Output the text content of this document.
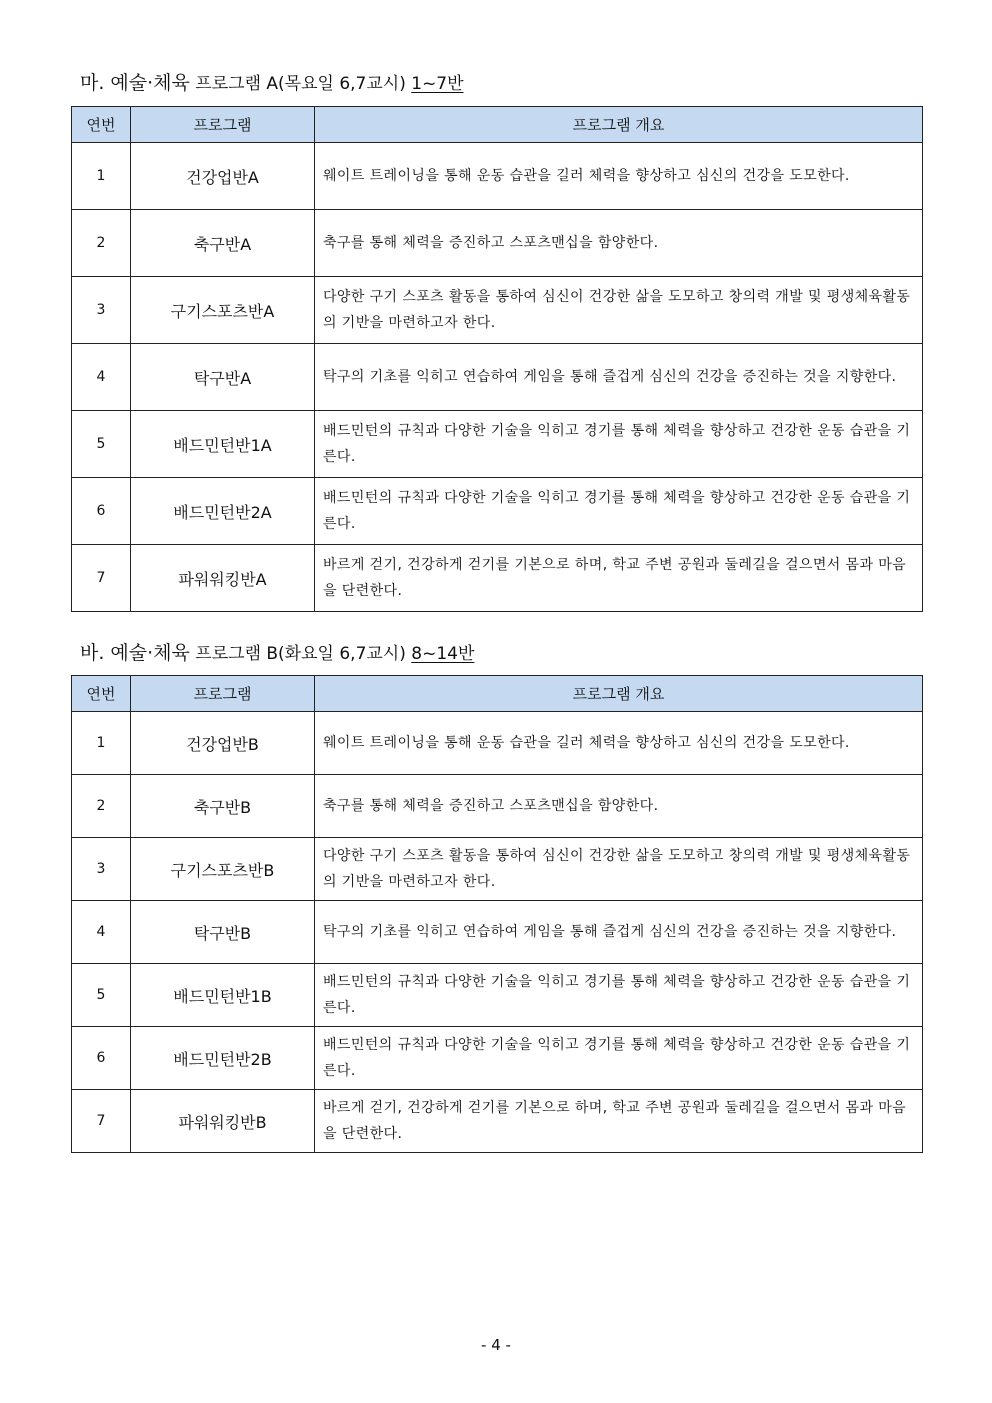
마. 예술·체육 프로그램 A(목요일 6,7교시) 1~7반
연번	프로그램	프로그램 개요
1	건강업반A	웨이트 트레이닝을 통해 운동 습관을 길러 체력을 향상하고 심신의 건강을 도모한다.
2	축구반A	축구를 통해 체력을 증진하고 스포츠맨십을 함양한다.
3	구기스포츠반A	다양한 구기 스포츠 활동을 통하여 심신이 건강한 삶을 도모하고 창의력 개발 및 평생체육활동의 기반을 마련하고자 한다.
4	탁구반A	탁구의 기초를 익히고 연습하여 게임을 통해 즐겁게 심신의 건강을 증진하는 것을 지향한다.
5	배드민턴반1A	배드민턴의 규칙과 다양한 기술을 익히고 경기를 통해 체력을 향상하고 건강한 운동 습관을 기른다.
6	배드민턴반2A	배드민턴의 규칙과 다양한 기술을 익히고 경기를 통해 체력을 향상하고 건강한 운동 습관을 기른다.
7	파워워킹반A	바르게 걷기, 건강하게 걷기를 기본으로 하며, 학교 주변 공원과 둘레길을 걸으면서 몸과 마음을 단련한다.
바. 예술·체육 프로그램 B(화요일 6,7교시) 8~14반
연번	프로그램	프로그램 개요
1	건강업반B	웨이트 트레이닝을 통해 운동 습관을 길러 체력을 향상하고 심신의 건강을 도모한다.
2	축구반B	축구를 통해 체력을 증진하고 스포츠맨십을 함양한다.
3	구기스포츠반B	다양한 구기 스포츠 활동을 통하여 심신이 건강한 삶을 도모하고 창의력 개발 및 평생체육활동의 기반을 마련하고자 한다.
4	탁구반B	탁구의 기초를 익히고 연습하여 게임을 통해 즐겁게 심신의 건강을 증진하는 것을 지향한다.
5	배드민턴반1B	배드민턴의 규칙과 다양한 기술을 익히고 경기를 통해 체력을 향상하고 건강한 운동 습관을 기른다.
6	배드민턴반2B	배드민턴의 규칙과 다양한 기술을 익히고 경기를 통해 체력을 향상하고 건강한 운동 습관을 기른다.
7	파워워킹반B	바르게 걷기, 건강하게 걷기를 기본으로 하며, 학교 주변 공원과 둘레길을 걸으면서 몸과 마음을 단련한다.
- 4 -
